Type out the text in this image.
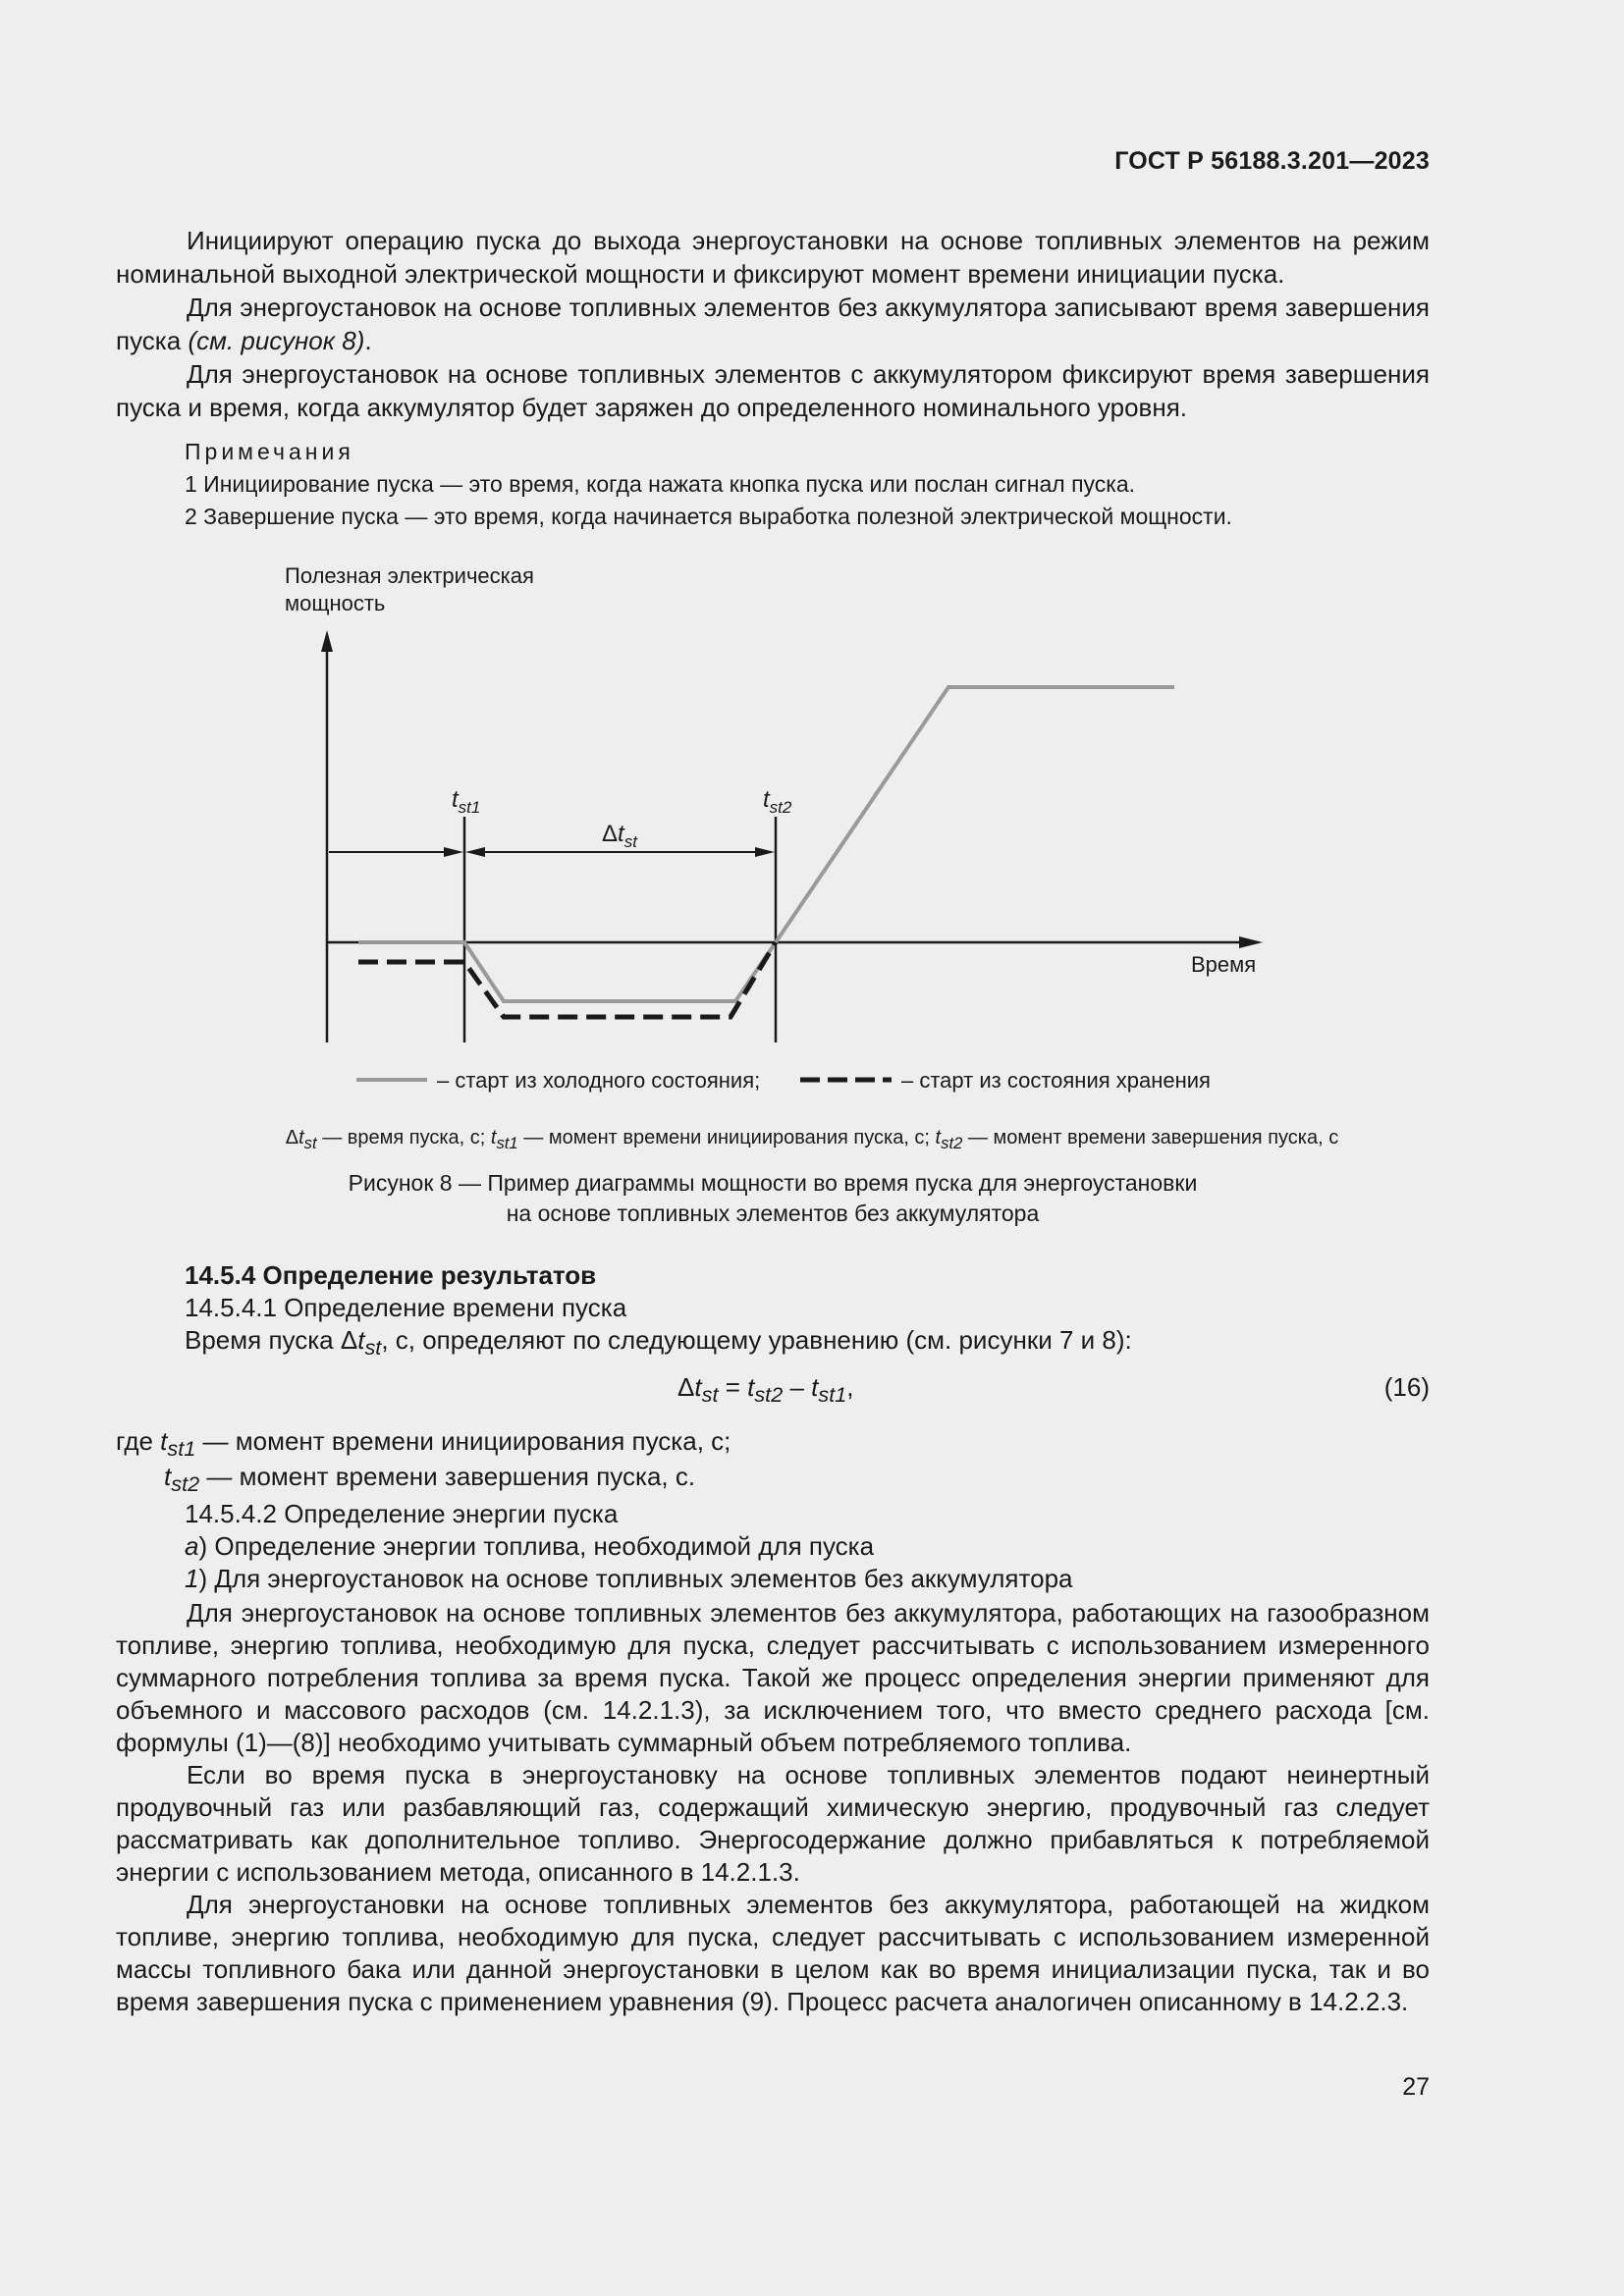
ГОСТ Р 56188.3.201—2023

Инициируют операцию пуска до выхода энергоустановки на основе топливных элементов на режим номинальной выходной электрической мощности и фиксируют момент времени инициации пуска.

Для энергоустановок на основе топливных элементов без аккумулятора записывают время завершения пуска (см. рисунок 8).

Для энергоустановок на основе топливных элементов с аккумулятором фиксируют время завершения пуска и время, когда аккумулятор будет заряжен до определенного номинального уровня.

Примечания
1 Инициирование пуска — это время, когда нажата кнопка пуска или послан сигнал пуска.
2 Завершение пуска — это время, когда начинается выработка полезной электрической мощности.
Полезная электрическая
мощность
Время
$t_{st1}$	$t_{st2}$
$\Delta t_{st}$
– старт из холодного состояния;	– старт из состояния хранения
$\Delta t_{st}$ — время пуска, с; $t_{st1}$ — момент времени инициирования пуска, с; $t_{st2}$ — момент времени завершения пуска, с
Рисунок 8 — Пример диаграммы мощности во время пуска для энергоустановки
на основе топливных элементов без аккумулятора
14.5.4 Определение результатов
14.5.4.1 Определение времени пуска
Время пуска $\Delta t_{st}$, с, определяют по следующему уравнению (см. рисунки 7 и 8):
$\Delta t_{st} = t_{st2} - t_{st1}$,	(16)
где $t_{st1}$ — момент времени инициирования пуска, с;
$t_{st2}$ — момент времени завершения пуска, с.
14.5.4.2 Определение энергии пуска
а) Определение энергии топлива, необходимой для пуска
1) Для энергоустановок на основе топливных элементов без аккумулятора

Для энергоустановок на основе топливных элементов без аккумулятора, работающих на газообразном топливе, энергию топлива, необходимую для пуска, следует рассчитывать с использованием измеренного суммарного потребления топлива за время пуска. Такой же процесс определения энергии применяют для объемного и массового расходов (см. 14.2.1.3), за исключением того, что вместо среднего расхода [см. формулы (1)—(8)] необходимо учитывать суммарный объем потребляемого топлива.

Если во время пуска в энергоустановку на основе топливных элементов подают неинертный продувочный газ или разбавляющий газ, содержащий химическую энергию, продувочный газ следует рассматривать как дополнительное топливо. Энергосодержание должно прибавляться к потребляемой энергии с использованием метода, описанного в 14.2.1.3.

Для энергоустановки на основе топливных элементов без аккумулятора, работающей на жидком топливе, энергию топлива, необходимую для пуска, следует рассчитывать с использованием измеренной массы топливного бака или данной энергоустановки в целом как во время инициализации пуска, так и во время завершения пуска с применением уравнения (9). Процесс расчета аналогичен описанному в 14.2.2.3.

27
